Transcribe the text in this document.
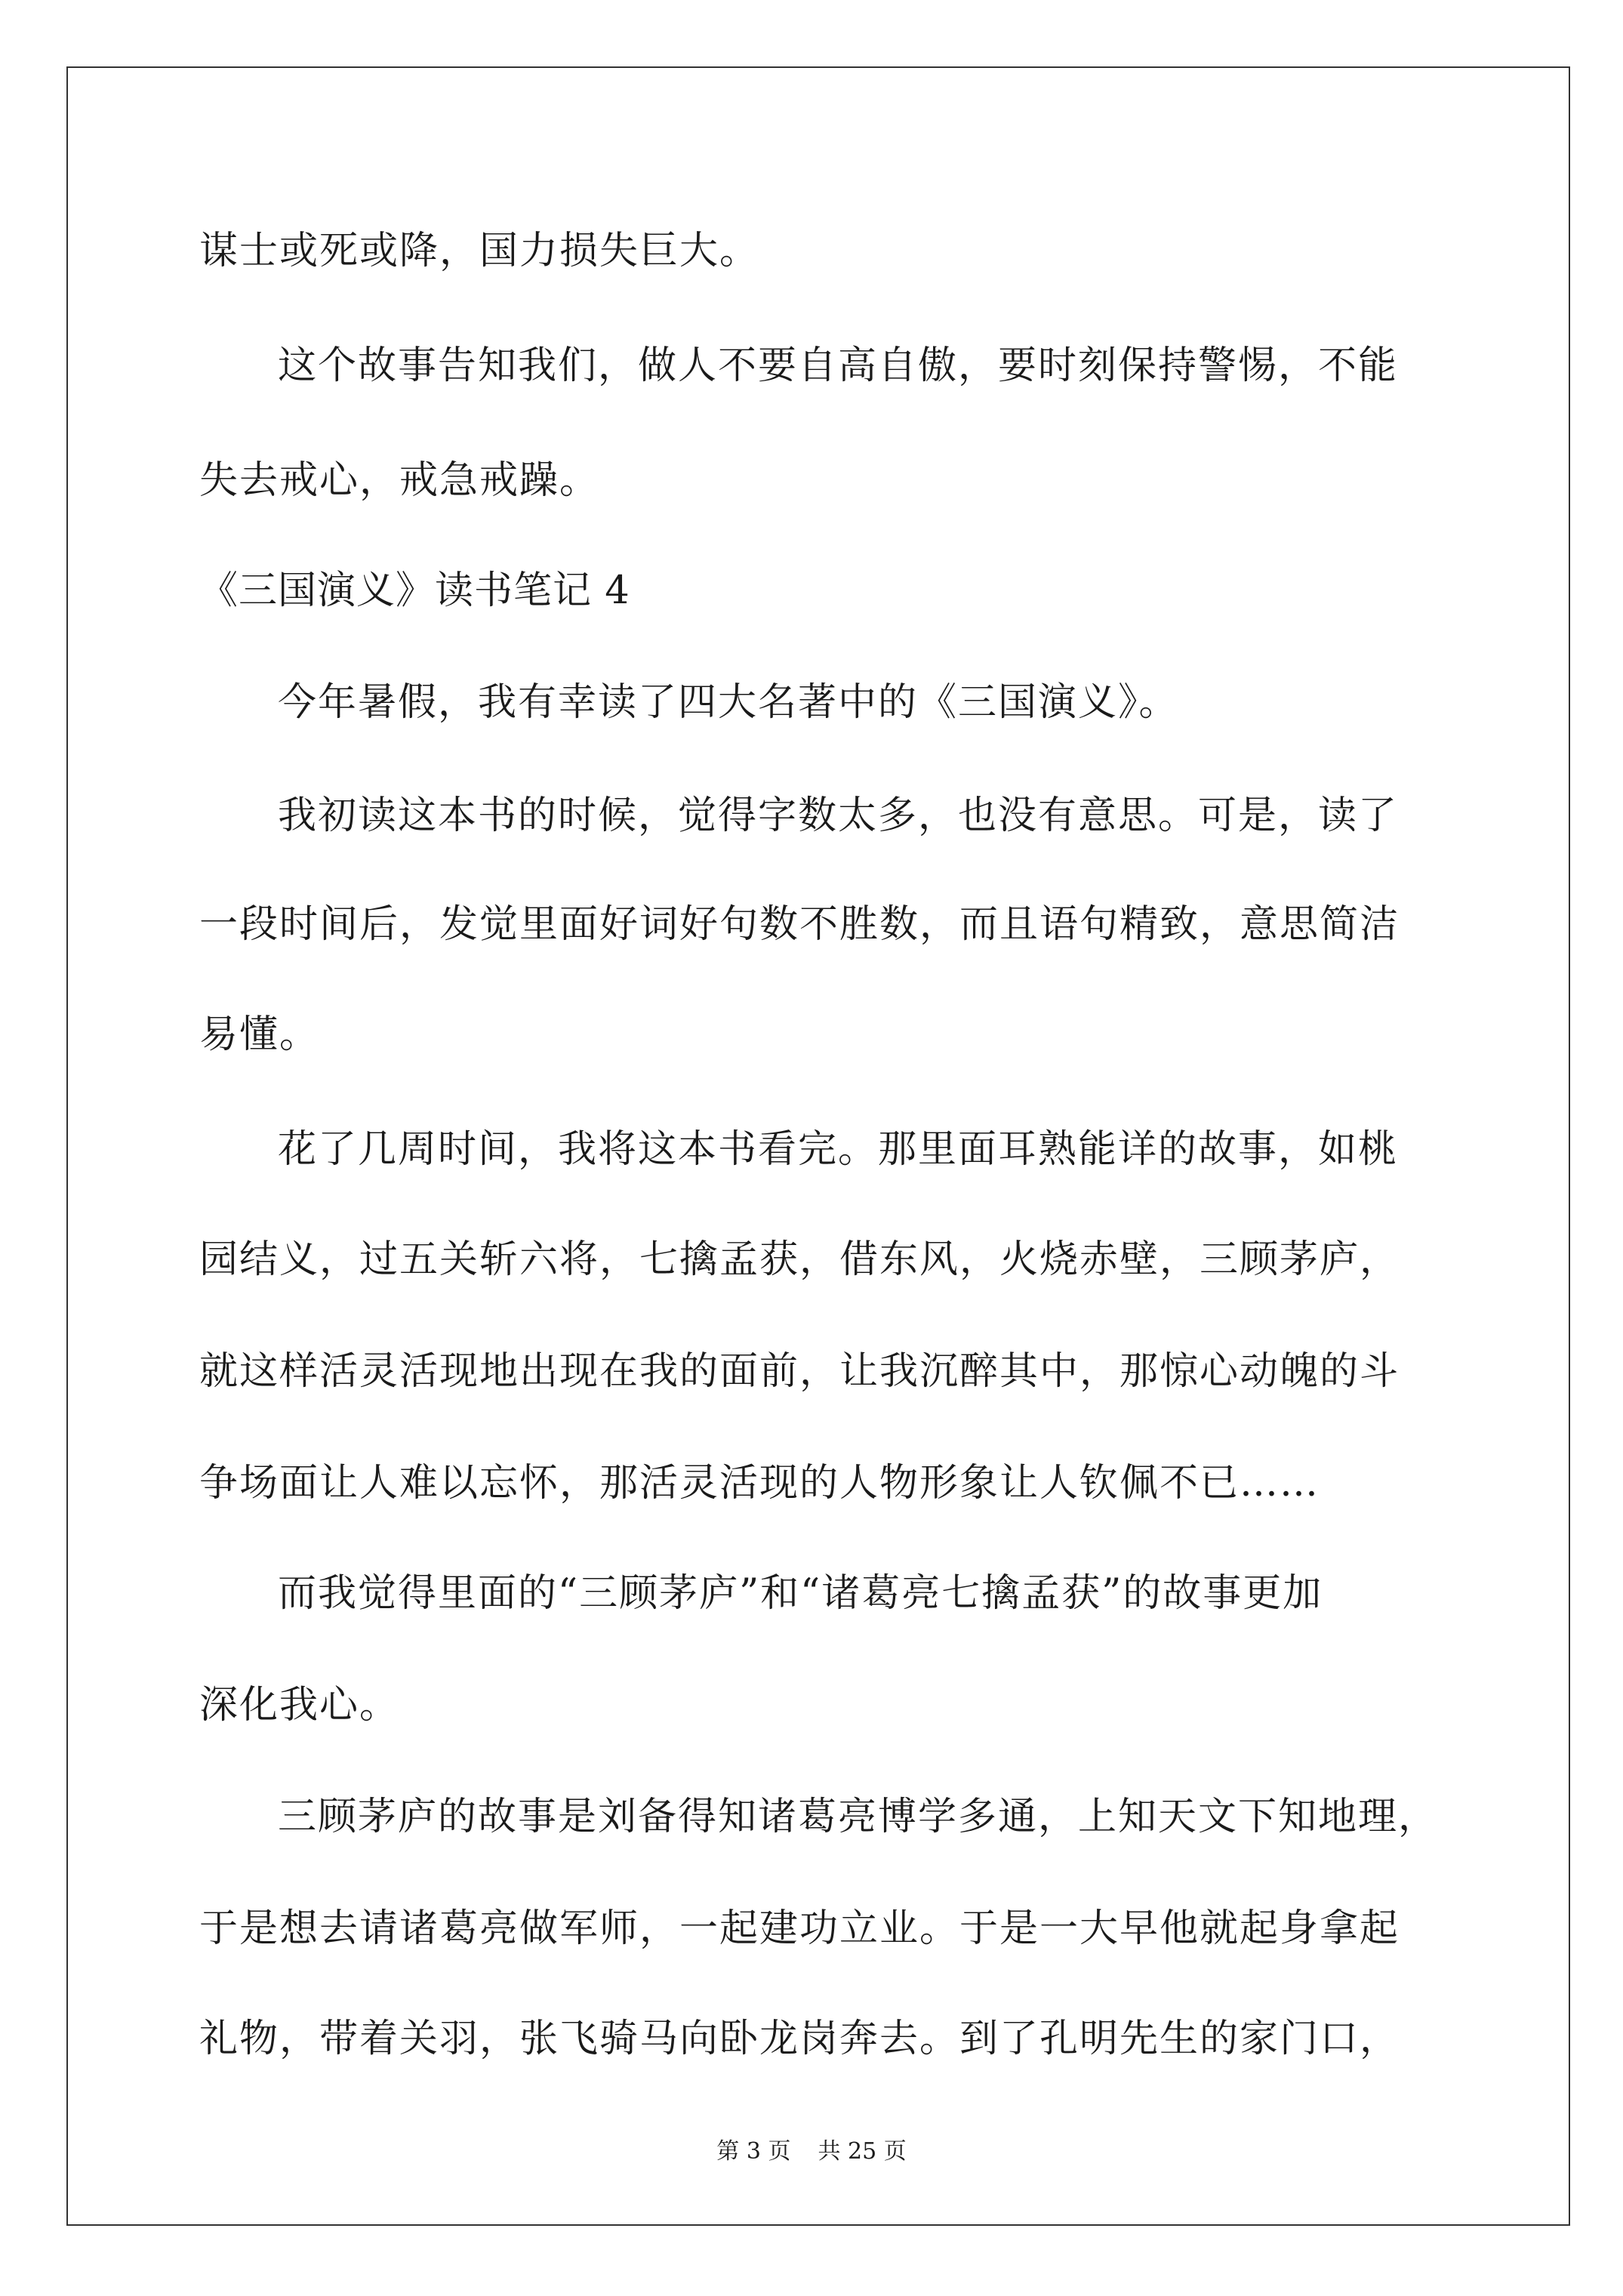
谋士或死或降，国力损失巨大。
这个故事告知我们，做人不要自高自傲，要时刻保持警惕，不能
失去戒心，戒急戒躁。
《三国演义》读书笔记 4
今年暑假，我有幸读了四大名著中的《三国演义》。
我初读这本书的时候，觉得字数太多，也没有意思。可是，读了
一段时间后，发觉里面好词好句数不胜数，而且语句精致，意思简洁
易懂。
花了几周时间，我将这本书看完。那里面耳熟能详的故事，如桃
园结义，过五关斩六将，七擒孟获，借东风，火烧赤壁，三顾茅庐，
就这样活灵活现地出现在我的面前，让我沉醉其中，那惊心动魄的斗
争场面让人难以忘怀，那活灵活现的人物形象让人钦佩不已……
而我觉得里面的“三顾茅庐”和“诸葛亮七擒孟获”的故事更加
深化我心。
三顾茅庐的故事是刘备得知诸葛亮博学多通，上知天文下知地理，
于是想去请诸葛亮做军师，一起建功立业。于是一大早他就起身拿起
礼物，带着关羽，张飞骑马向卧龙岗奔去。到了孔明先生的家门口，
第 3 页 共 25 页
